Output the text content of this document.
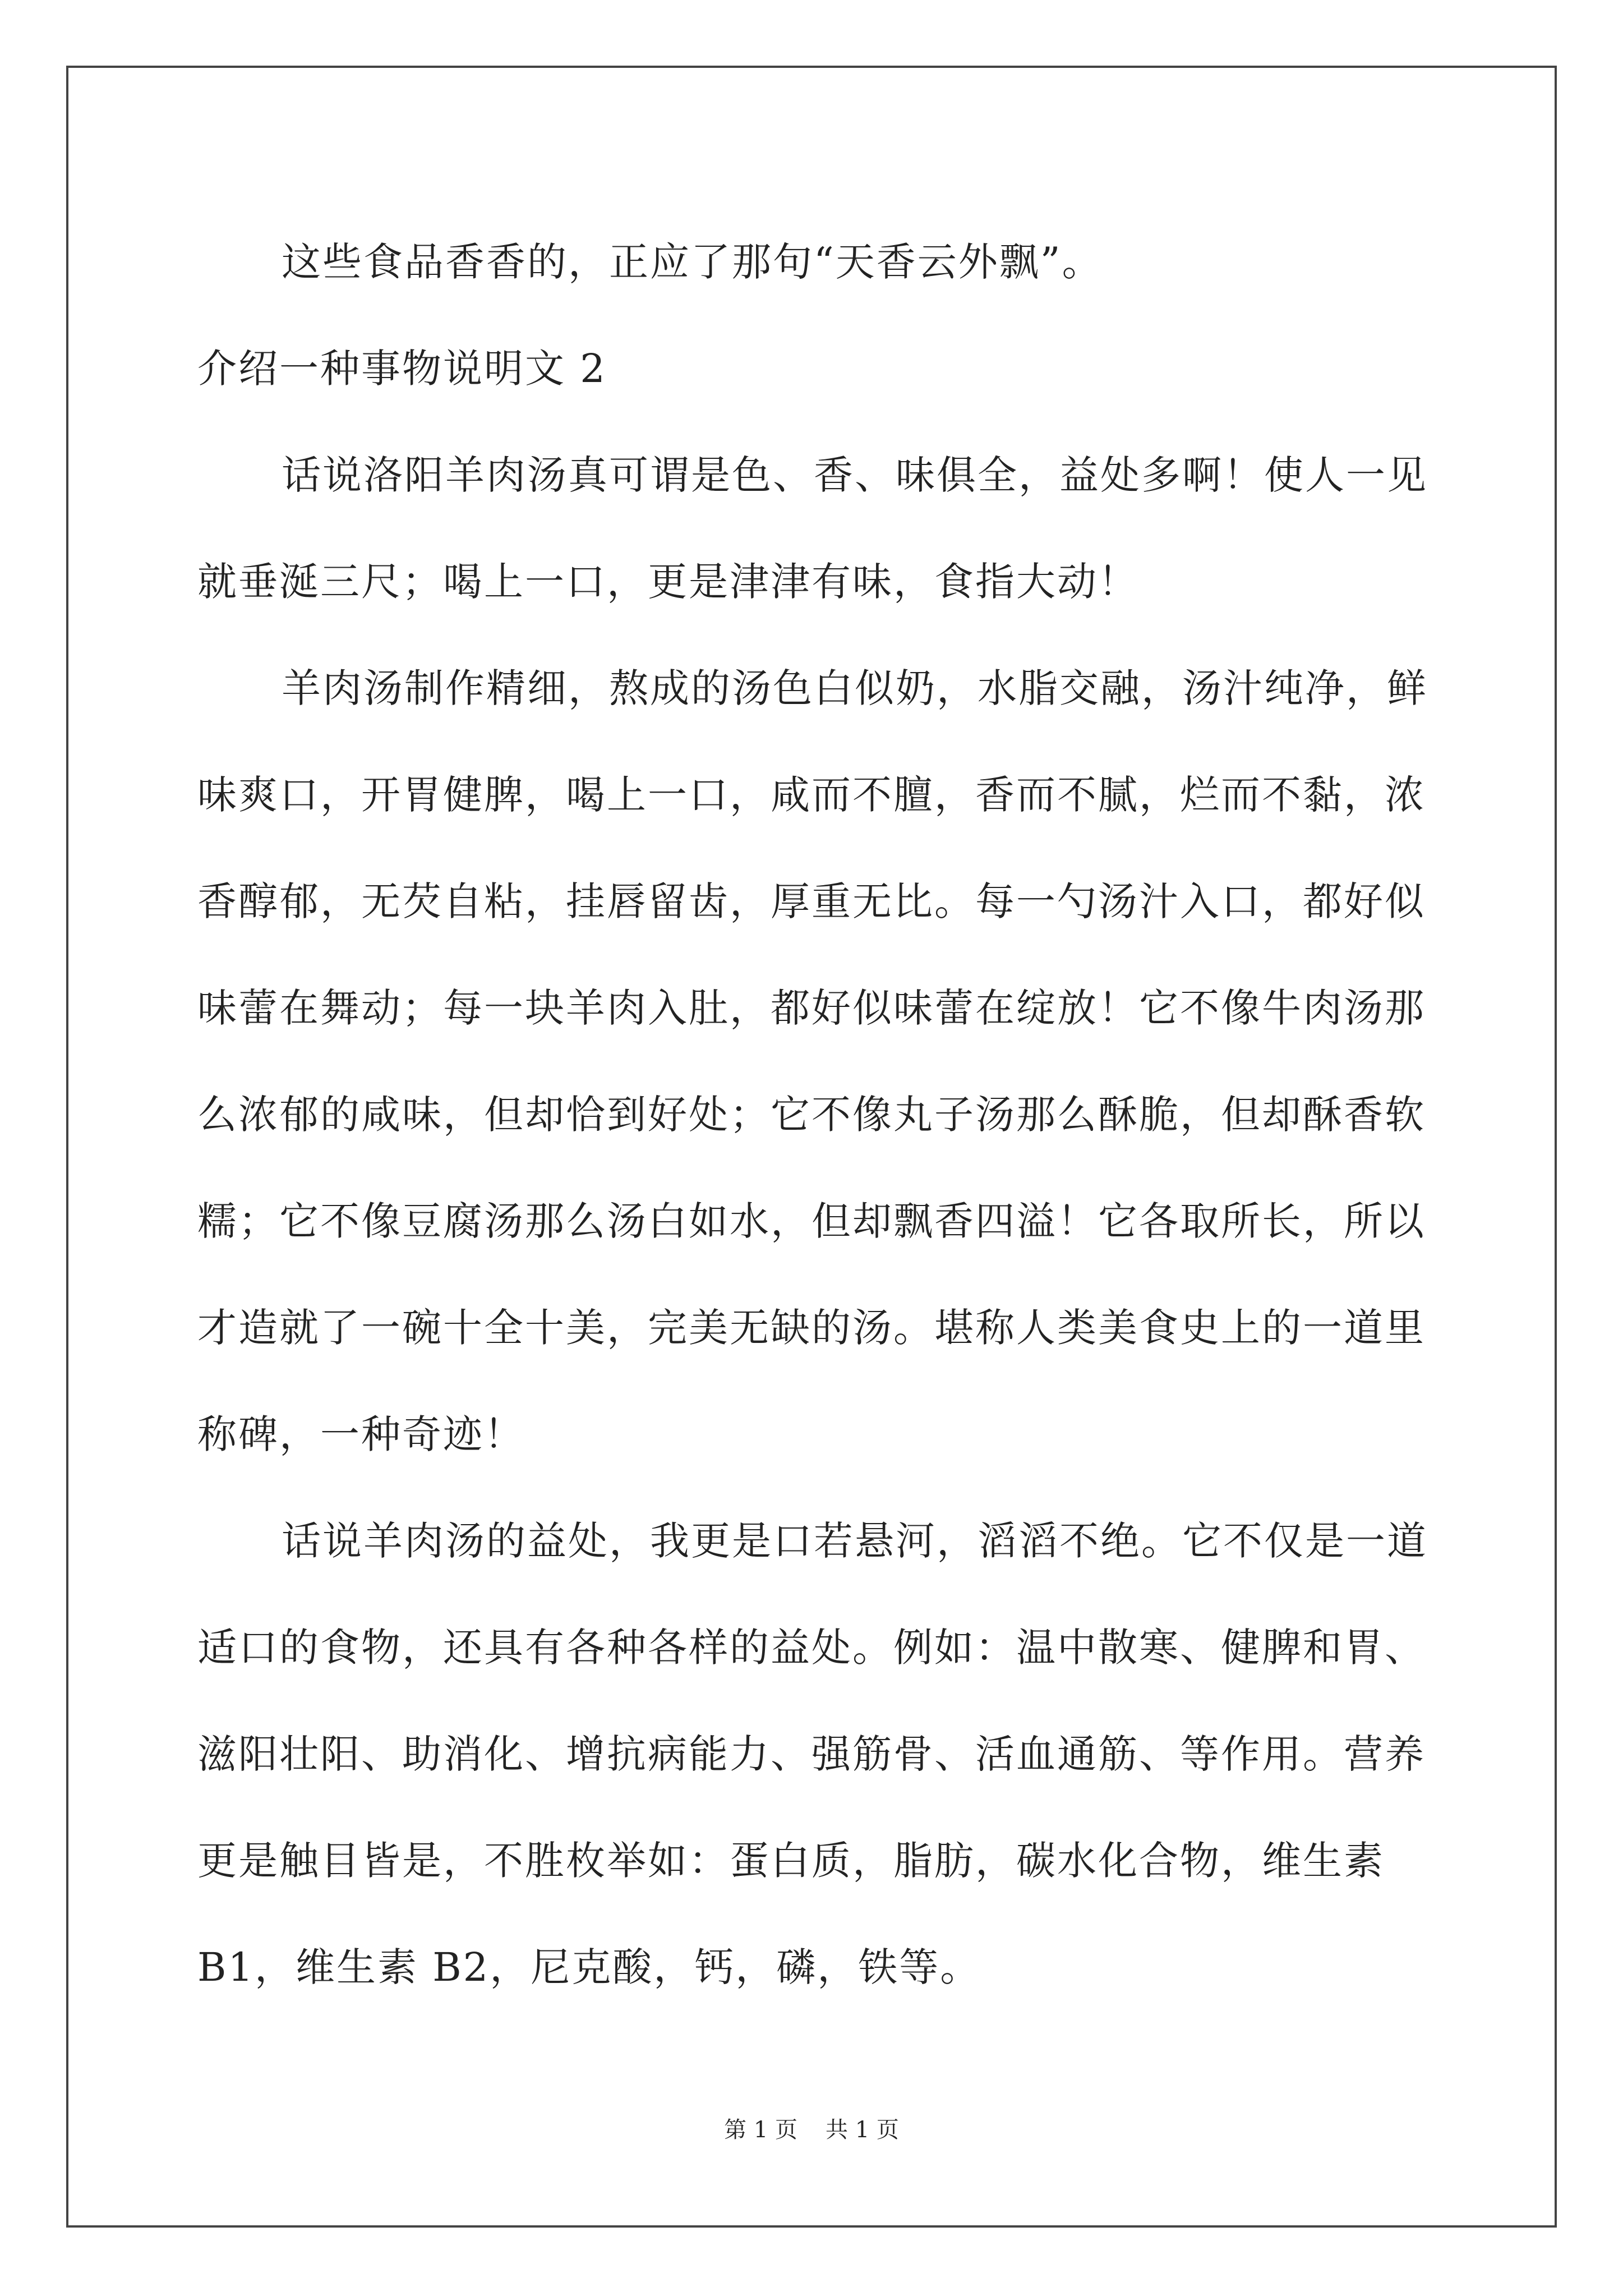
这些食品香香的，正应了那句“天香云外飘”。
介绍一种事物说明文 2
话说洛阳羊肉汤真可谓是色、香、味俱全，益处多啊！使人一见
就垂涎三尺；喝上一口，更是津津有味，食指大动！
羊肉汤制作精细，熬成的汤色白似奶，水脂交融，汤汁纯净，鲜
味爽口，开胃健脾，喝上一口，咸而不膻，香而不腻，烂而不黏，浓
香醇郁，无芡自粘，挂唇留齿，厚重无比。每一勺汤汁入口，都好似
味蕾在舞动；每一块羊肉入肚，都好似味蕾在绽放！它不像牛肉汤那
么浓郁的咸味，但却恰到好处；它不像丸子汤那么酥脆，但却酥香软
糯；它不像豆腐汤那么汤白如水，但却飘香四溢！它各取所长，所以
才造就了一碗十全十美，完美无缺的汤。堪称人类美食史上的一道里
称碑，一种奇迹！
话说羊肉汤的益处，我更是口若悬河，滔滔不绝。它不仅是一道
适口的食物，还具有各种各样的益处。例如：温中散寒、健脾和胃、
滋阳壮阳、助消化、增抗病能力、强筋骨、活血通筋、等作用。营养
更是触目皆是，不胜枚举如：蛋白质，脂肪，碳水化合物，维生素
B1，维生素 B2，尼克酸，钙，磷，铁等。
第 1 页 共 1 页
